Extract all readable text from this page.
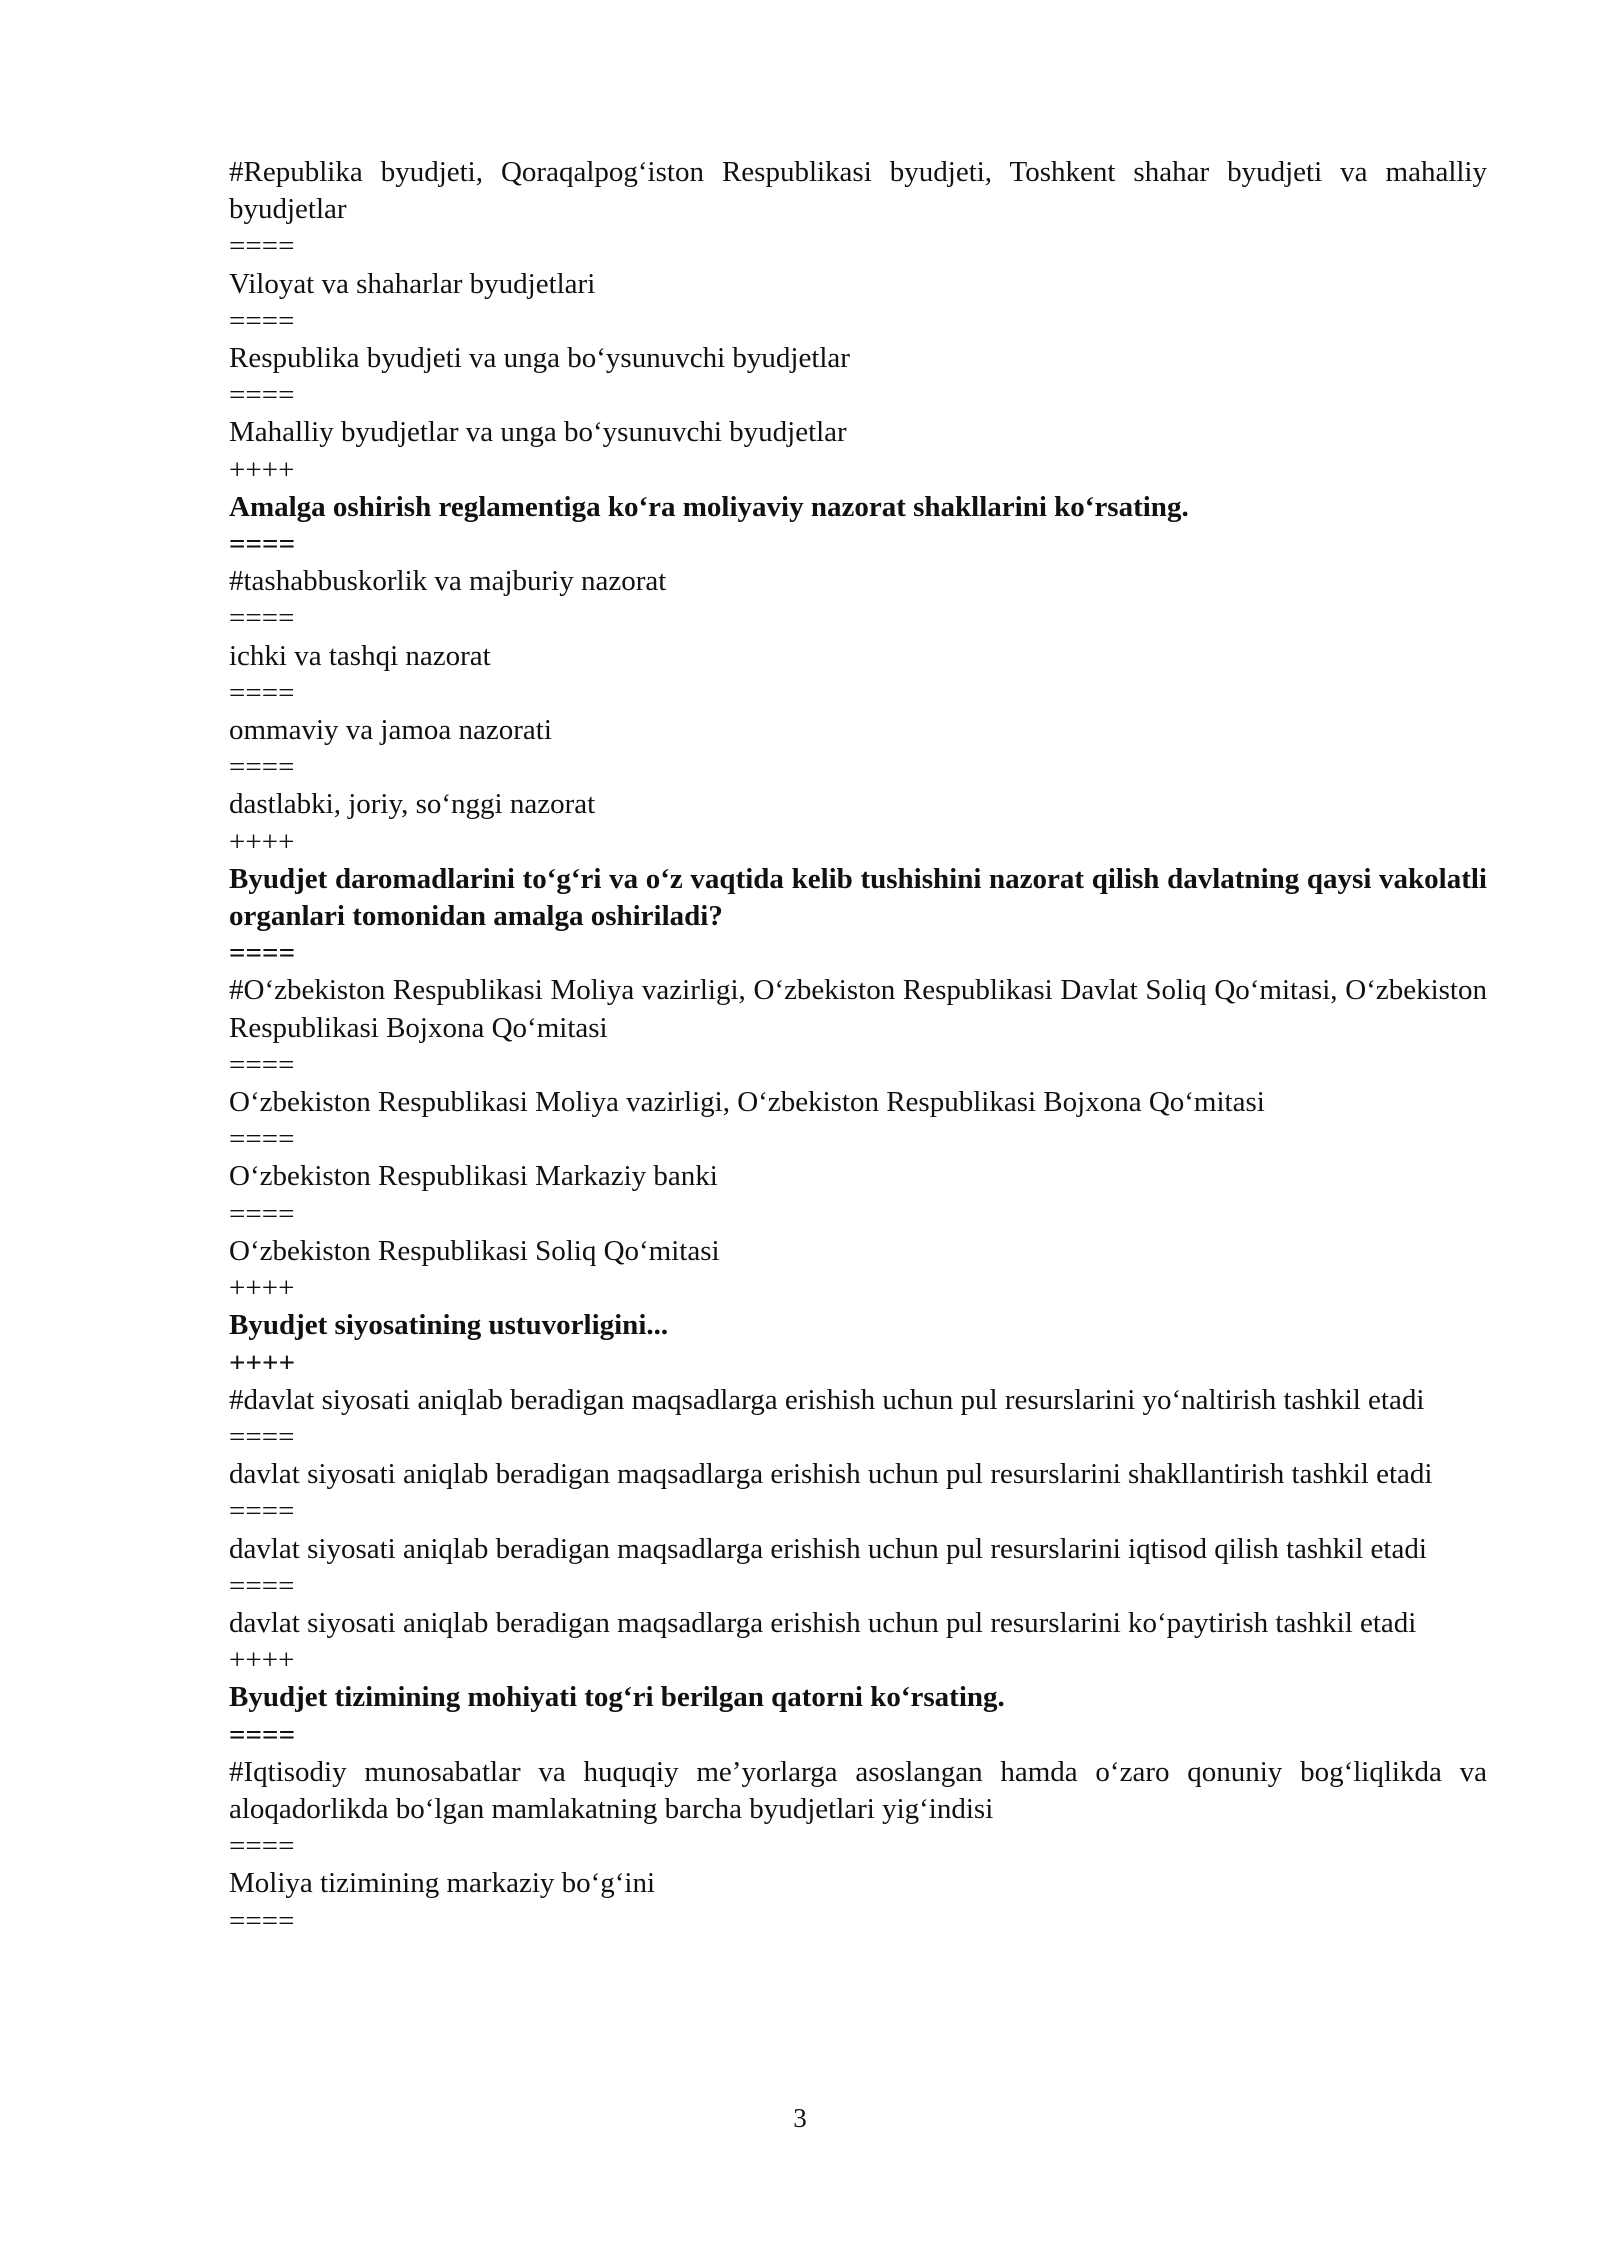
#Republika byudjeti, Qoraqalpog‘iston Respublikasi byudjeti, Toshkent shahar byudjeti va mahalliy byudjetlar

====

Viloyat va shaharlar byudjetlari

====

Respublika byudjeti va unga bo‘ysunuvchi byudjetlar

====

Mahalliy byudjetlar va unga bo‘ysunuvchi byudjetlar

++++

Amalga oshirish reglamentiga ko‘ra moliyaviy nazorat shakllarini ko‘rsating.

====

#tashabbuskorlik va majburiy nazorat

====

ichki va tashqi nazorat

====

ommaviy va jamoa nazorati

====

dastlabki, joriy, so‘nggi nazorat

++++

Byudjet daromadlarini to‘g‘ri va o‘z vaqtida kelib tushishini nazorat qilish davlatning qaysi vakolatli organlari tomonidan amalga oshiriladi?

====

#O‘zbekiston Respublikasi Moliya vazirligi, O‘zbekiston Respublikasi Davlat Soliq Qo‘mitasi, O‘zbekiston Respublikasi Bojxona Qo‘mitasi

====

O‘zbekiston Respublikasi Moliya vazirligi, O‘zbekiston Respublikasi Bojxona Qo‘mitasi

====

O‘zbekiston Respublikasi Markaziy banki

====

O‘zbekiston Respublikasi Soliq Qo‘mitasi

++++

Byudjet siyosatining ustuvorligini...

++++

#davlat siyosati aniqlab beradigan maqsadlarga erishish uchun pul resurslarini yo‘naltirish tashkil etadi

====

davlat siyosati aniqlab beradigan maqsadlarga erishish uchun pul resurslarini shakllantirish tashkil etadi

====

davlat siyosati aniqlab beradigan maqsadlarga erishish uchun pul resurslarini iqtisod qilish tashkil etadi

====

davlat siyosati aniqlab beradigan maqsadlarga erishish uchun pul resurslarini ko‘paytirish tashkil etadi

++++

Byudjet tizimining mohiyati tog‘ri berilgan qatorni ko‘rsating.

====

#Iqtisodiy munosabatlar va huquqiy me’yorlarga asoslangan hamda o‘zaro qonuniy bog‘liqlikda va aloqadorlikda bo‘lgan mamlakatning barcha byudjetlari yig‘indisi

====

Moliya tizimining markaziy bo‘g‘ini

====

3
